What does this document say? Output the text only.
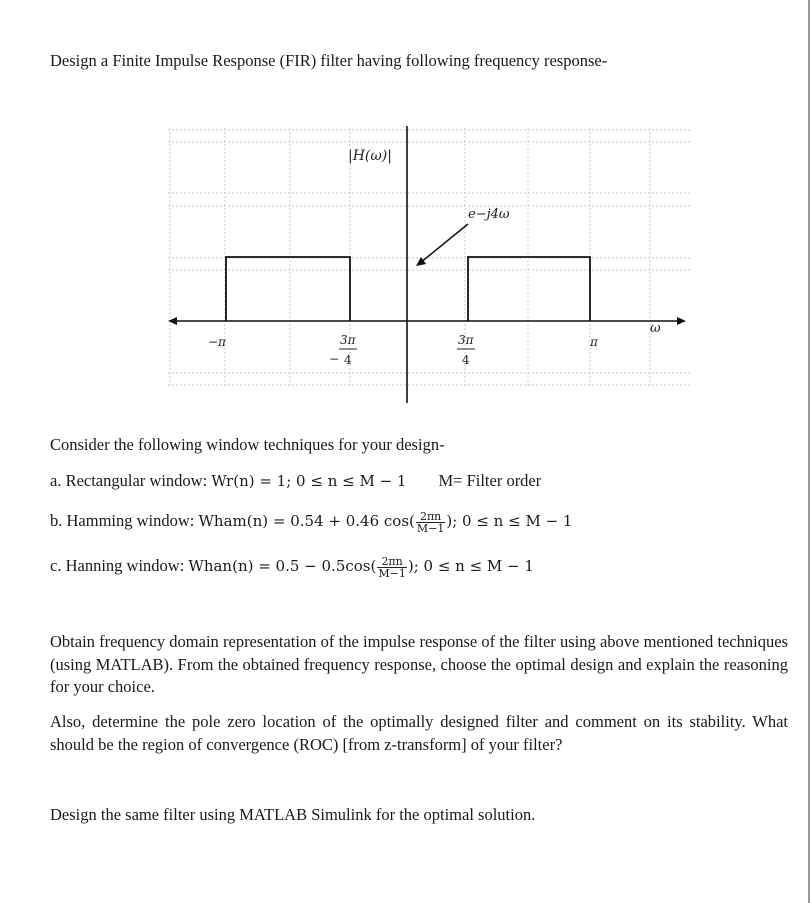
Design a Finite Impulse Response (FIR) filter having following frequency response-
|H(ω)|
e−j4ω
ω
−π
−
3π
4
3π
4
π
Consider the following window techniques for your design-
a. Rectangular window: Wr(n) = 1; 0 ≤ n ≤ M − 1 M= Filter order
b. Hamming window: Wham(n) = 0.54 + 0.46 $\cos( \frac{2\pi n}{M-1}$ ); 0 ≤ n ≤ M − 1
c. Hanning window: Whan(n) = $0.5 - 0.5\cos( \frac{2\pi n}{M-1}$ ); 0 ≤ n ≤ M − 1
Obtain frequency domain representation of the impulse response of the filter using above mentioned techniques (using MATLAB). From the obtained frequency response, choose the optimal design and explain the reasoning for your choice.
Also, determine the pole zero location of the optimally designed filter and comment on its stability. What should be the region of convergence (ROC) [from z-transform] of your filter?
Design the same filter using MATLAB Simulink for the optimal solution.
